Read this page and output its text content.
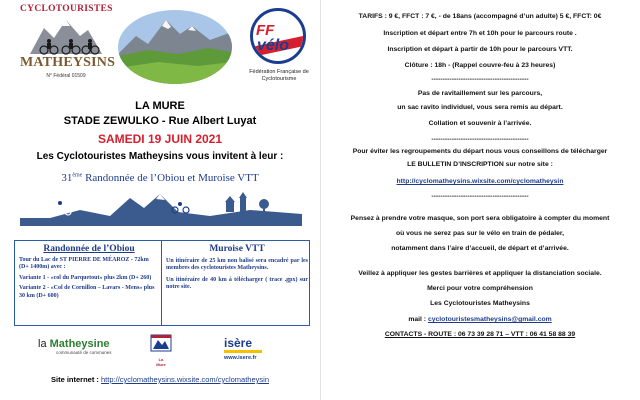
CYCLOTOURISTES
MATHEYSINS
N° Fédéral 01509
FF
vélo
Fédération Française de
Cyclotourisme
LA MURE
STADE ZEWULKO - Rue Albert Luyat
SAMEDI 19 JUIN 2021
Les Cyclotouristes Matheysins vous invitent à leur :
31ème Randonnée de l’Obiou et Muroise VTT
Randonnée de l’Obiou

Tour du Lac de ST PIERRE DE MÉAROZ - 72km (D+ 1400m) avec :

Variante 1 - «col du Parquetout» plus 2km (D+ 260)

Variante 2 - «Col de Cornillon – Lavars - Mens» plus 30 km (D+ 600)

Muroise VTT

Un itinéraire de 25 km non balisé sera encadré par les membres des cyclotouristes Matheysins.

Un itinéraire de 40 km à télécharger ( trace .gpx) sur notre site.

la Matheysine
communauté de communes
La
Mure
isère
www.isere.fr
Site internet : http://cyclomatheysins.wixsite.com/cyclomatheysin
TARIFS : 9 €, FFCT : 7 €, - de 18ans (accompagné d’un adulte) 5 €, FFCT: 0€
Inscription et départ entre 7h et 10h pour le parcours route .
Inscription et départ à partir de 10h pour le parcours VTT.
Clôture : 18h - (Rappel couvre-feu à 23 heures)
-------------------------------------------
Pas de ravitaillement sur les parcours,
un sac ravito individuel, vous sera remis au départ.
Collation et souvenir à l’arrivée.
-------------------------------------------
Pour éviter les regroupements du départ nous vous conseillons de télécharger
LE BULLETIN D’INSCRIPTION sur notre site :
http://cyclomatheysins.wixsite.com/cyclomatheysin
-------------------------------------------
Pensez à prendre votre masque, son port sera obligatoire à compter du moment
où vous ne serez pas sur le vélo en train de pédaler,
notamment dans l’aire d’accueil, de départ et d’arrivée.
Veillez à appliquer les gestes barrières et appliquer la distanciation sociale.
Merci pour votre compréhension
Les Cyclotouristes Matheysins
mail : cyclotouristesmatheysins@gmail.com
CONTACTS - ROUTE : 06 73 39 28 71 – VTT : 06 41 58 88 39
